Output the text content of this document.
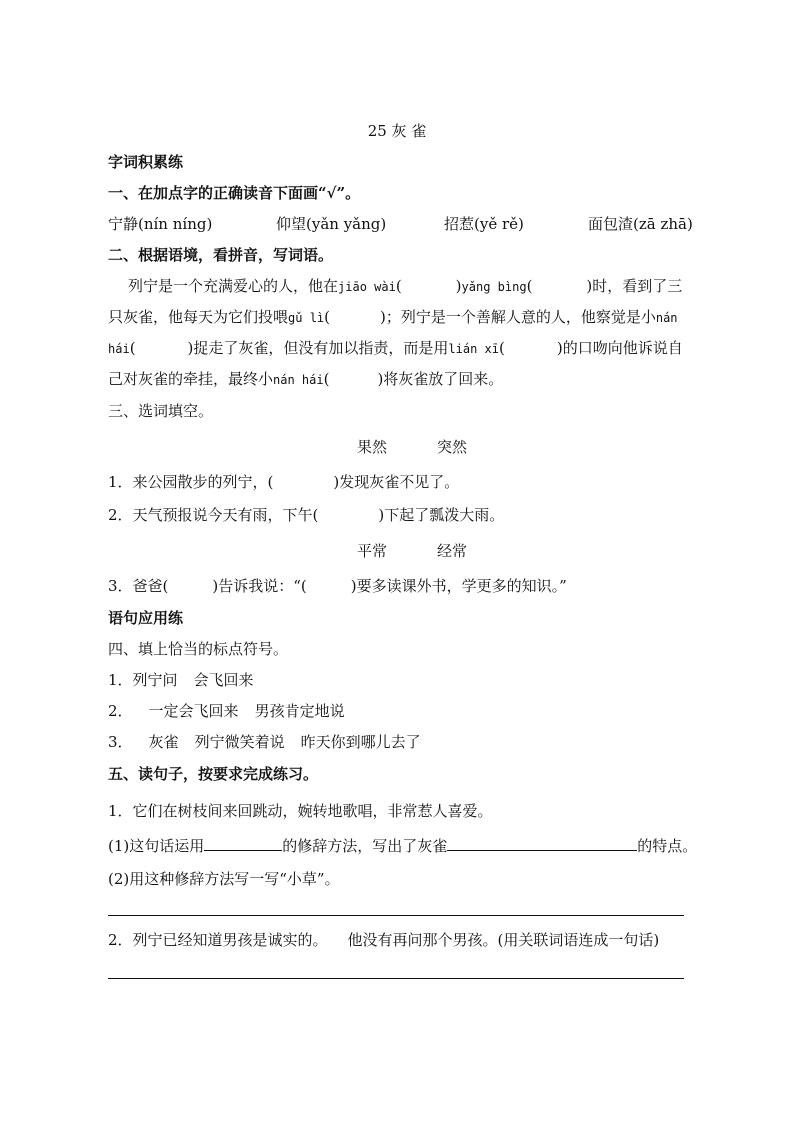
25 灰 雀
字词积累练
一、在加点字的正确读音下面画“√”。
宁静(nín níng)	仰望(yǎn yǎng)	招惹(yě rě)	面包渣(zā zhā)
二、根据语境，看拼音，写词语。
列宁是一个充满爱心的人，他在jiāo wài(	)yǎng bìng(	)时，看到了三
只灰雀，他每天为它们投喂gǔ lì(	)；列宁是一个善解人意的人，他察觉是小nán
hái(	)捉走了灰雀，但没有加以指责，而是用lián xī(	)的口吻向他诉说自
己对灰雀的牵挂，最终小nán hái(	)将灰雀放了回来。
三、选词填空。
果然	突然
1．来公园散步的列宁，(	)发现灰雀不见了。
2．天气预报说今天有雨，下午(	)下起了瓢泼大雨。
平常	经常
3．爸爸(	)告诉我说：“(	)要多读课外书，学更多的知识。”
语句应用练
四、填上恰当的标点符号。
1．列宁问 会飞回来
2． 一定会飞回来 男孩肯定地说
3． 灰雀 列宁微笑着说 昨天你到哪儿去了
五、读句子，按要求完成练习。
1．它们在树枝间来回跳动，婉转地歌唱，非常惹人喜爱。
(1)这句话运用	的修辞方法，写出了灰雀	的特点。
(2)用这种修辞方法写一写“小草”。
2．列宁已经知道男孩是诚实的。 他没有再问那个男孩。(用关联词语连成一句话)
